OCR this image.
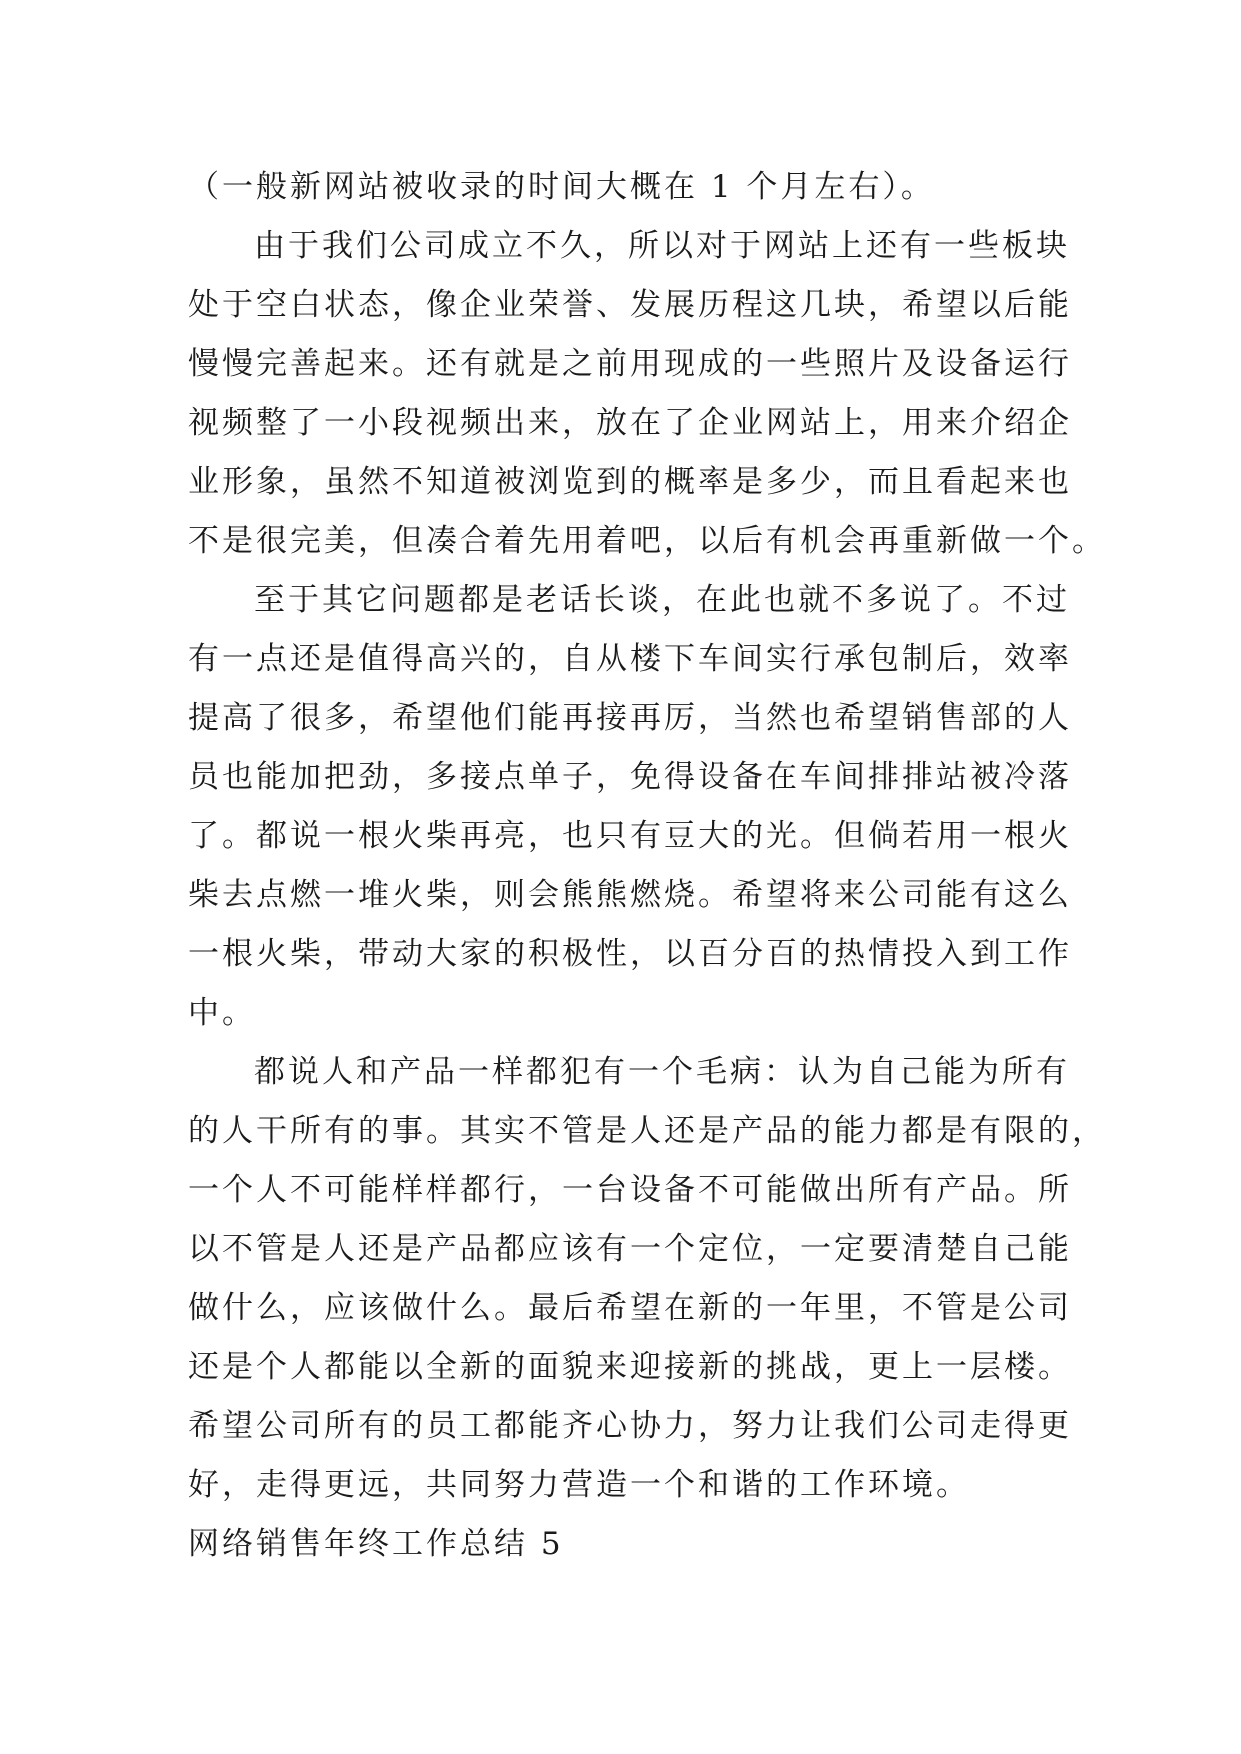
（一般新网站被收录的时间大概在 1 个月左右）。
由于我们公司成立不久，所以对于网站上还有一些板块
处于空白状态，像企业荣誉、发展历程这几块，希望以后能
慢慢完善起来。还有就是之前用现成的一些照片及设备运行
视频整了一小段视频出来，放在了企业网站上，用来介绍企
业形象，虽然不知道被浏览到的概率是多少，而且看起来也
不是很完美，但凑合着先用着吧，以后有机会再重新做一个。
至于其它问题都是老话长谈，在此也就不多说了。不过
有一点还是值得高兴的，自从楼下车间实行承包制后，效率
提高了很多，希望他们能再接再厉，当然也希望销售部的人
员也能加把劲，多接点单子，免得设备在车间排排站被冷落
了。都说一根火柴再亮，也只有豆大的光。但倘若用一根火
柴去点燃一堆火柴，则会熊熊燃烧。希望将来公司能有这么
一根火柴，带动大家的积极性，以百分百的热情投入到工作
中。
都说人和产品一样都犯有一个毛病：认为自己能为所有
的人干所有的事。其实不管是人还是产品的能力都是有限的，
一个人不可能样样都行，一台设备不可能做出所有产品。所
以不管是人还是产品都应该有一个定位，一定要清楚自己能
做什么，应该做什么。最后希望在新的一年里，不管是公司
还是个人都能以全新的面貌来迎接新的挑战，更上一层楼。
希望公司所有的员工都能齐心协力，努力让我们公司走得更
好，走得更远，共同努力营造一个和谐的工作环境。
网络销售年终工作总结 5
